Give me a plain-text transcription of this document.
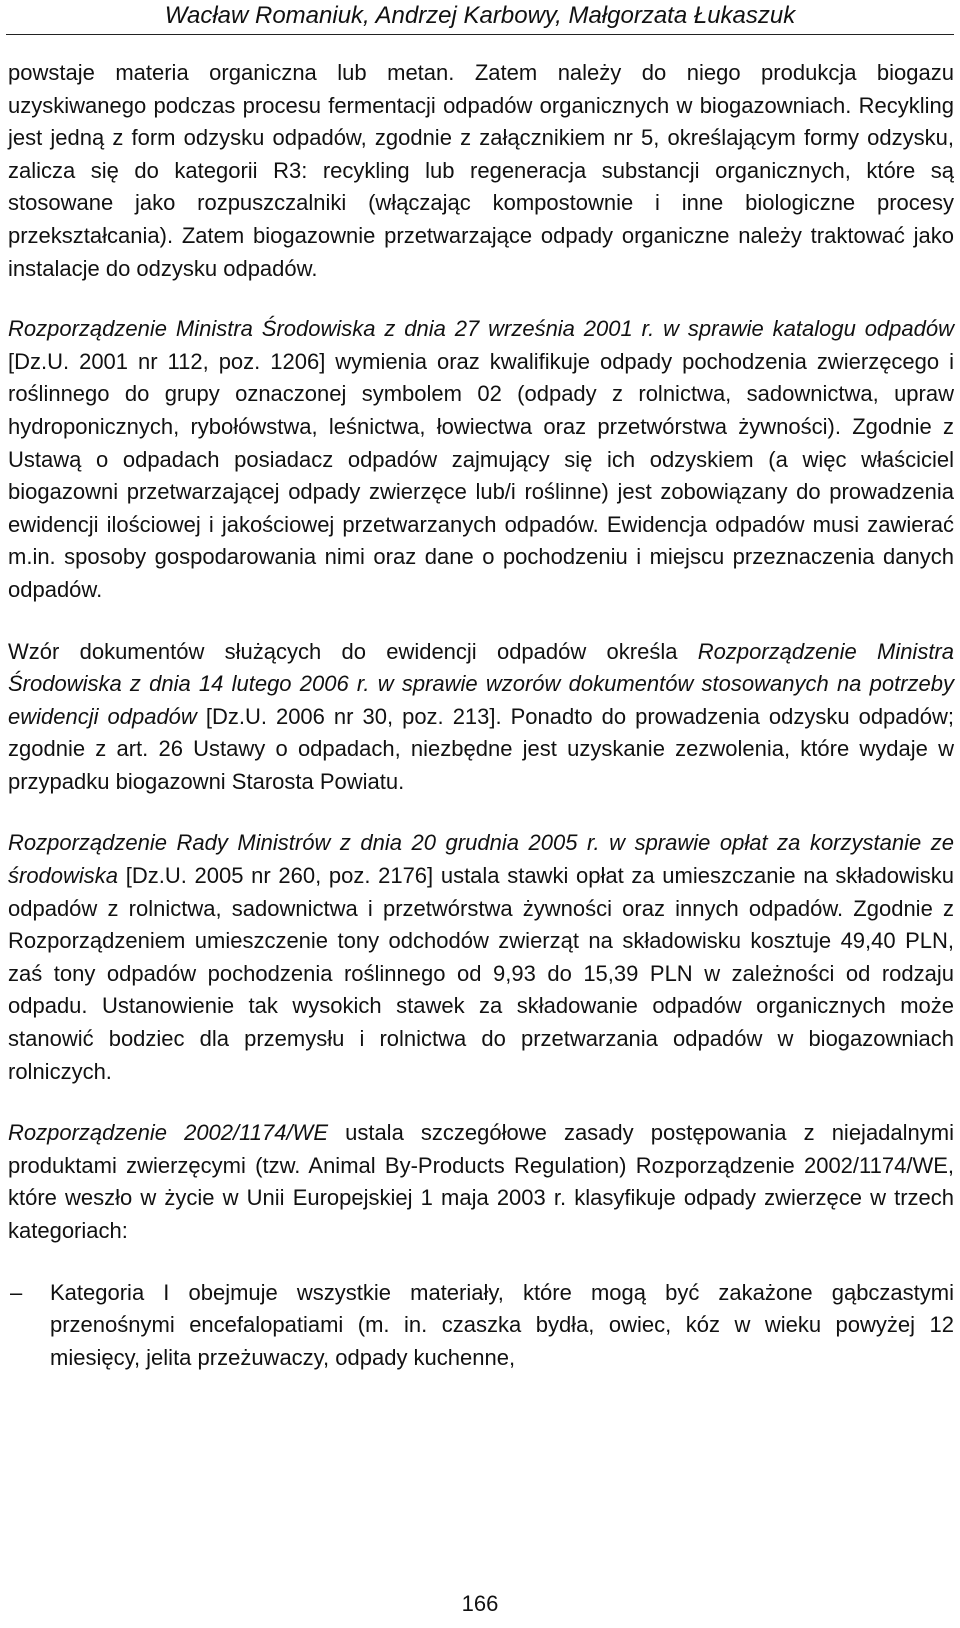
Wacław Romaniuk, Andrzej Karbowy, Małgorzata Łukaszuk

powstaje materia organiczna lub metan. Zatem należy do niego produkcja biogazu uzyskiwanego podczas procesu fermentacji odpadów organicznych w biogazowniach. Recykling jest jedną z form odzysku odpadów, zgodnie z załącznikiem nr 5, określającym formy odzysku, zalicza się do kategorii R3: recykling lub regeneracja substancji organicznych, które są stosowane jako rozpuszczalniki (włączając kompostownie i inne biologiczne procesy przekształcania). Zatem biogazownie przetwarzające odpady organiczne należy traktować jako instalacje do odzysku odpadów.

Rozporządzenie Ministra Środowiska z dnia 27 września 2001 r. w sprawie katalogu odpadów [Dz.U. 2001 nr 112, poz. 1206] wymienia oraz kwalifikuje odpady pochodzenia zwierzęcego i roślinnego do grupy oznaczonej symbolem 02 (odpady z rolnictwa, sadownictwa, upraw hydroponicznych, rybołówstwa, leśnictwa, łowiectwa oraz przetwórstwa żywności). Zgodnie z Ustawą o odpadach posiadacz odpadów zajmujący się ich odzyskiem (a więc właściciel biogazowni przetwarzającej odpady zwierzęce lub/i roślinne) jest zobowiązany do prowadzenia ewidencji ilościowej i jakościowej przetwarzanych odpadów. Ewidencja odpadów musi zawierać m.in. sposoby gospodarowania nimi oraz dane o pochodzeniu i miejscu przeznaczenia danych odpadów.

Wzór dokumentów służących do ewidencji odpadów określa Rozporządzenie Ministra Środowiska z dnia 14 lutego 2006 r. w sprawie wzorów dokumentów stosowanych na potrzeby ewidencji odpadów [Dz.U. 2006 nr 30, poz. 213]. Ponadto do prowadzenia odzysku odpadów; zgodnie z art. 26 Ustawy o odpadach, niezbędne jest uzyskanie zezwolenia, które wydaje w przypadku biogazowni Starosta Powiatu.

Rozporządzenie Rady Ministrów z dnia 20 grudnia 2005 r. w sprawie opłat za korzystanie ze środowiska [Dz.U. 2005 nr 260, poz. 2176] ustala stawki opłat za umieszczanie na składowisku odpadów z rolnictwa, sadownictwa i przetwórstwa żywności oraz innych odpadów. Zgodnie z Rozporządzeniem umieszczenie tony odchodów zwierząt na składowisku kosztuje 49,40 PLN, zaś tony odpadów pochodzenia roślinnego od 9,93 do 15,39 PLN w zależności od rodzaju odpadu. Ustanowienie tak wysokich stawek za składowanie odpadów organicznych może stanowić bodziec dla przemysłu i rolnictwa do przetwarzania odpadów w biogazowniach rolniczych.

Rozporządzenie 2002/1174/WE ustala szczegółowe zasady postępowania z niejadalnymi produktami zwierzęcymi (tzw. Animal By-Products Regulation) Rozporządzenie 2002/1174/WE, które weszło w życie w Unii Europejskiej 1 maja 2003 r. klasyfikuje odpady zwierzęce w trzech kategoriach:

– Kategoria I obejmuje wszystkie materiały, które mogą być zakażone gąbczastymi przenośnymi encefalopatiami (m. in. czaszka bydła, owiec, kóz w wieku powyżej 12 miesięcy, jelita przeżuwaczy, odpady kuchenne,
166
